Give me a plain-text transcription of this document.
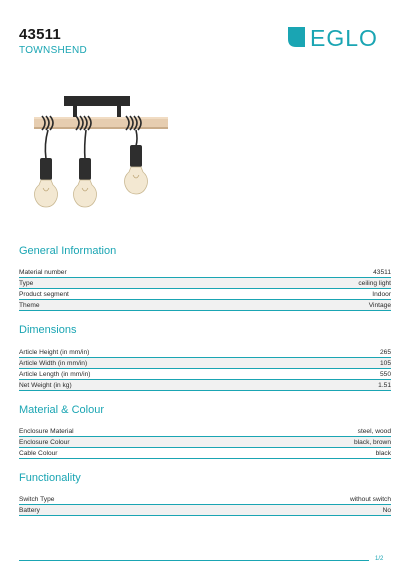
43511
TOWNSHEND	EGLO
General Information
Material number	43511
Type	ceiling light
Product segment	Indoor
Theme	Vintage
Dimensions
Article Height (in mm/in)	265
Article Width (in mm/in)	105
Article Length (in mm/in)	550
Net Weight (in kg)	1.51
Material & Colour
Enclosure Material	steel, wood
Enclosure Colour	black, brown
Cable Colour	black
Functionality
Switch Type	without switch
Battery	No
1/2
